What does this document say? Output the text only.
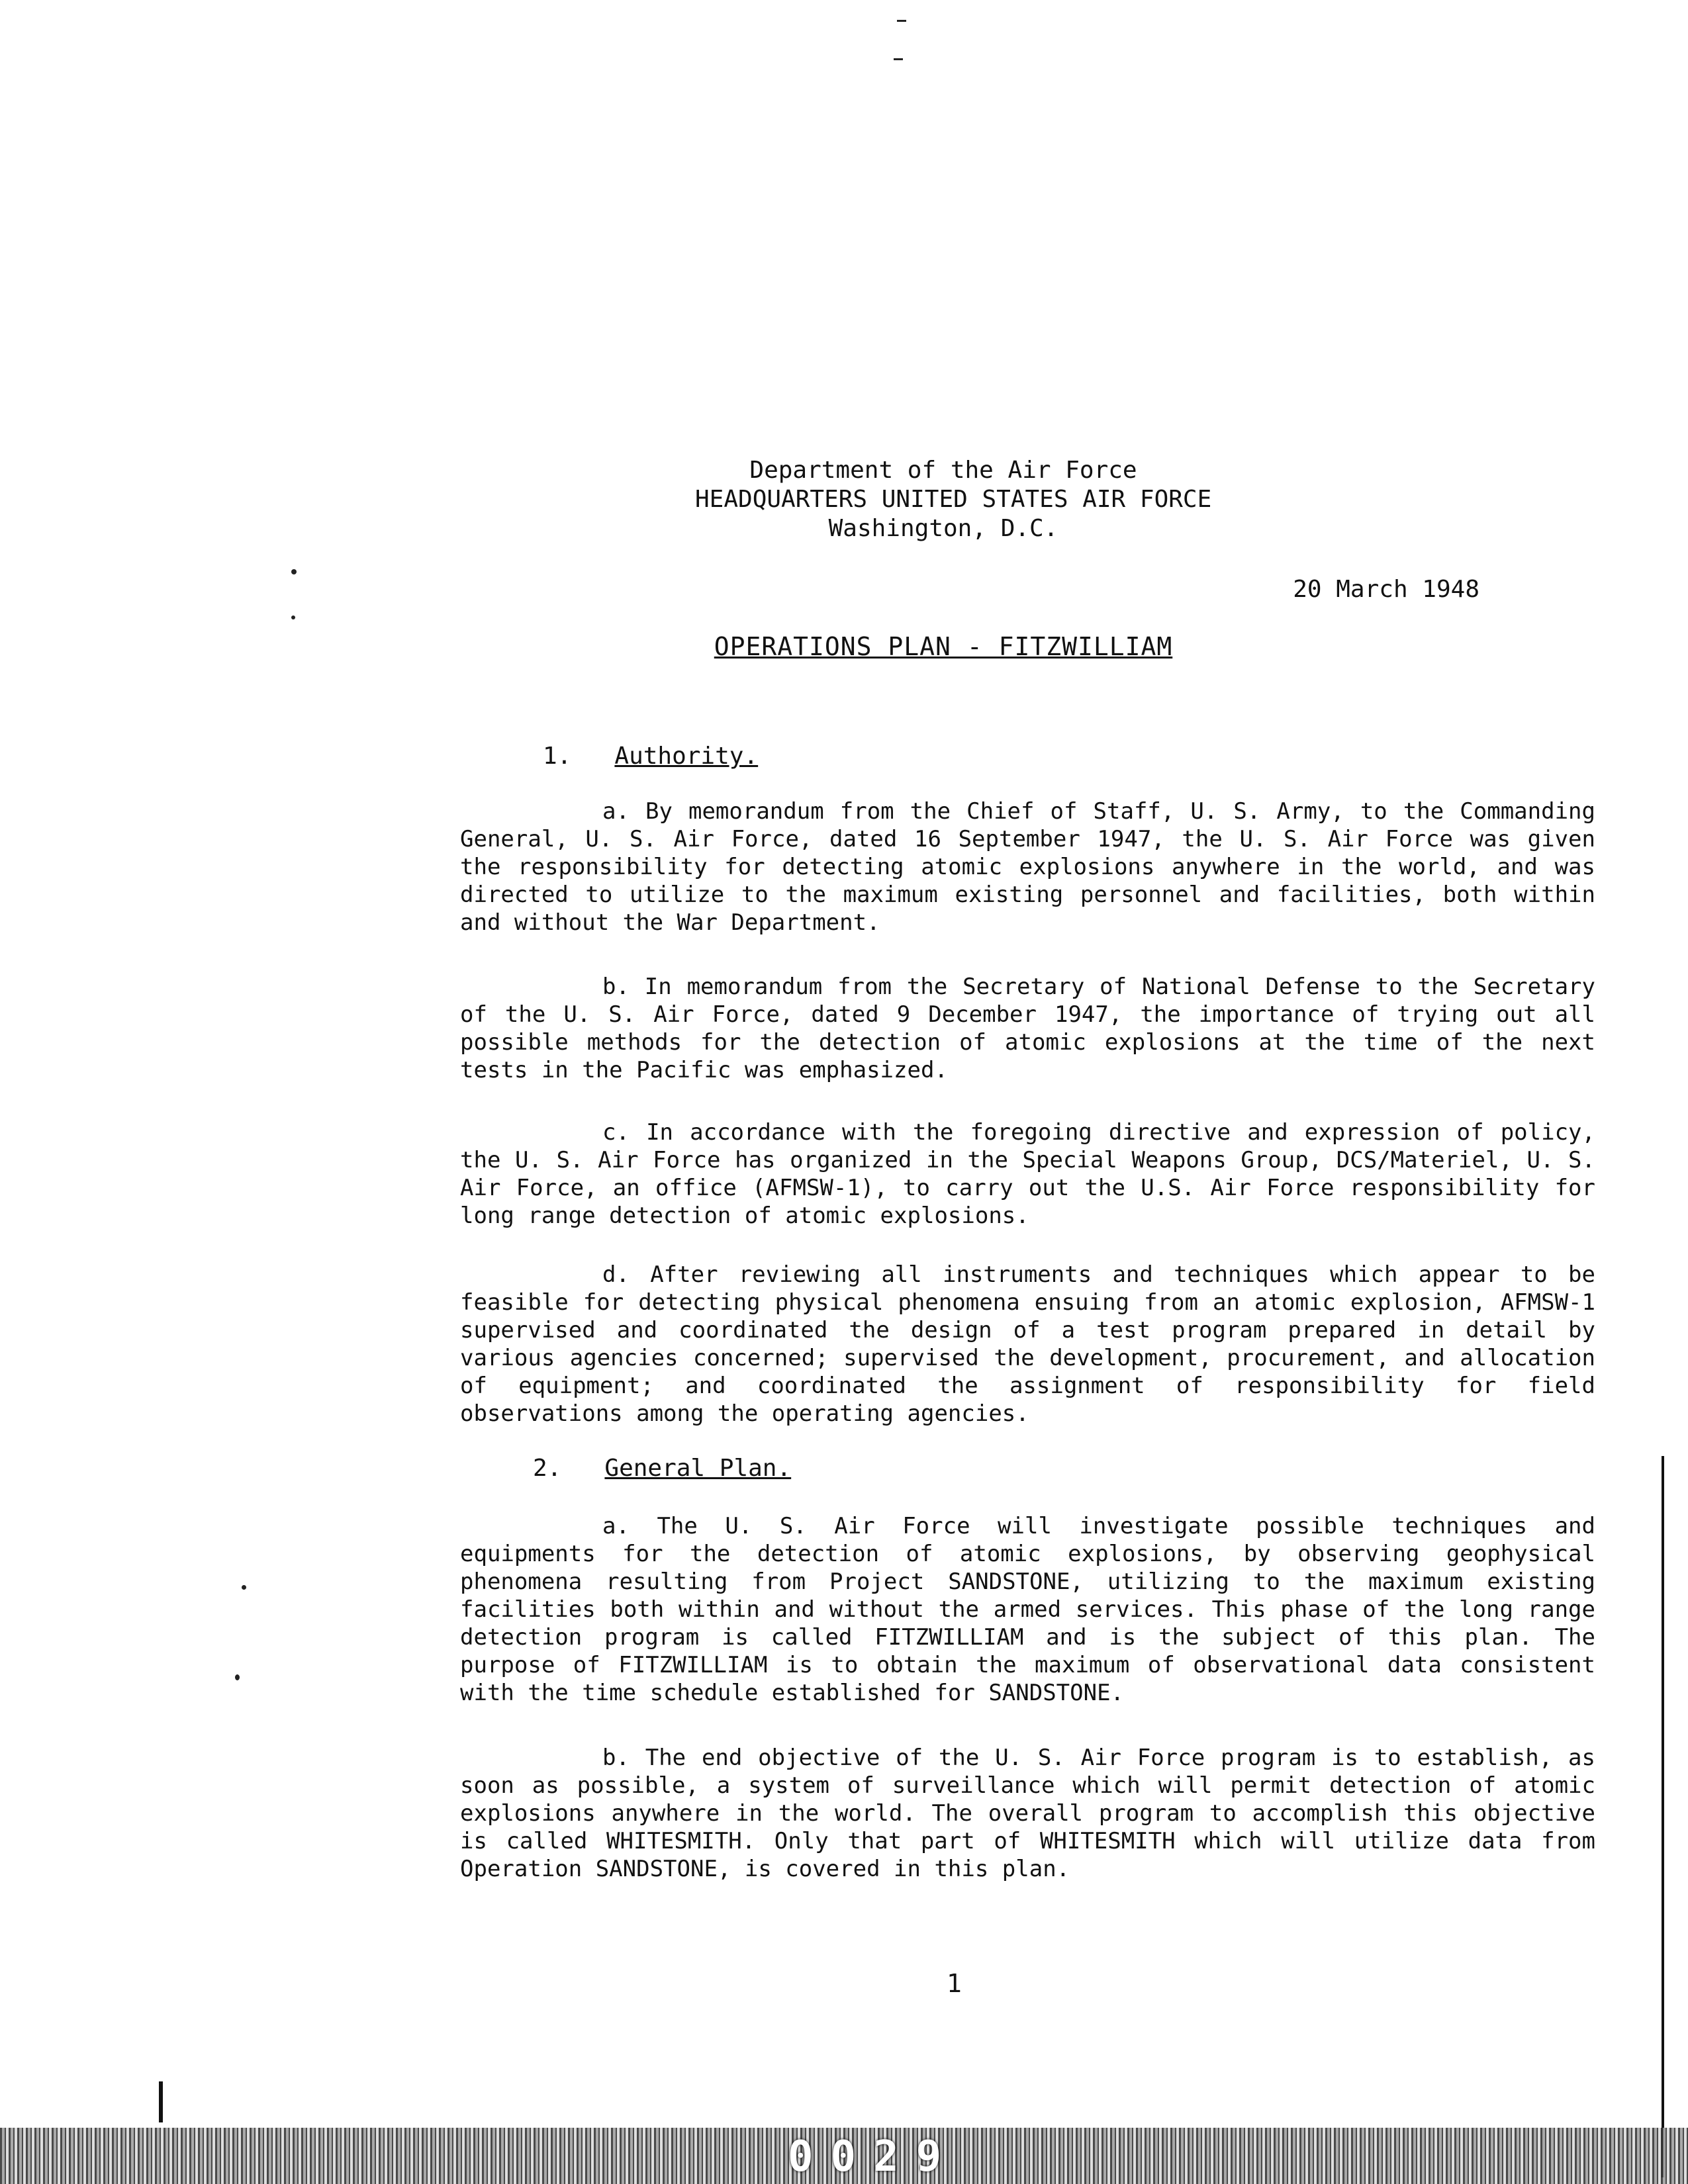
Department of the Air Force
HEADQUARTERS UNITED STATES AIR FORCE
Washington, D.C.
20 March 1948
OPERATIONS PLAN - FITZWILLIAM
1. Authority.
a. By memorandum from the Chief of Staff, U. S. Army, to the Commanding General, U. S. Air Force, dated 16 September 1947, the U. S. Air Force was given the responsibility for detecting atomic explosions anywhere in the world, and was directed to utilize to the maximum existing personnel and facilities, both within and without the War Department.
b. In memorandum from the Secretary of National Defense to the Secretary of the U. S. Air Force, dated 9 December 1947, the importance of trying out all possible methods for the detection of atomic explosions at the time of the next tests in the Pacific was emphasized.
c. In accordance with the foregoing directive and expression of policy, the U. S. Air Force has organized in the Special Weapons Group, DCS/Materiel, U. S. Air Force, an office (AFMSW-1), to carry out the U.S. Air Force responsibility for long range detection of atomic explosions.
d. After reviewing all instruments and techniques which appear to be feasible for detecting physical phenomena ensuing from an atomic explosion, AFMSW-1 supervised and coordinated the design of a test program prepared in detail by various agencies concerned; supervised the development, procurement, and allocation of equipment; and coordinated the assignment of responsibility for field observations among the operating agencies.
2. General Plan.
a. The U. S. Air Force will investigate possible techniques and equipments for the detection of atomic explosions, by observing geophysical phenomena resulting from Project SANDSTONE, utilizing to the maximum existing facilities both within and without the armed services. This phase of the long range detection program is called FITZWILLIAM and is the subject of this plan. The purpose of FITZWILLIAM is to obtain the maximum of observational data consistent with the time schedule established for SANDSTONE.
b. The end objective of the U. S. Air Force program is to establish, as soon as possible, a system of surveillance which will permit detection of atomic explosions anywhere in the world. The overall program to accomplish this objective is called WHITESMITH. Only that part of WHITESMITH which will utilize data from Operation SANDSTONE, is covered in this plan.
1
0029
